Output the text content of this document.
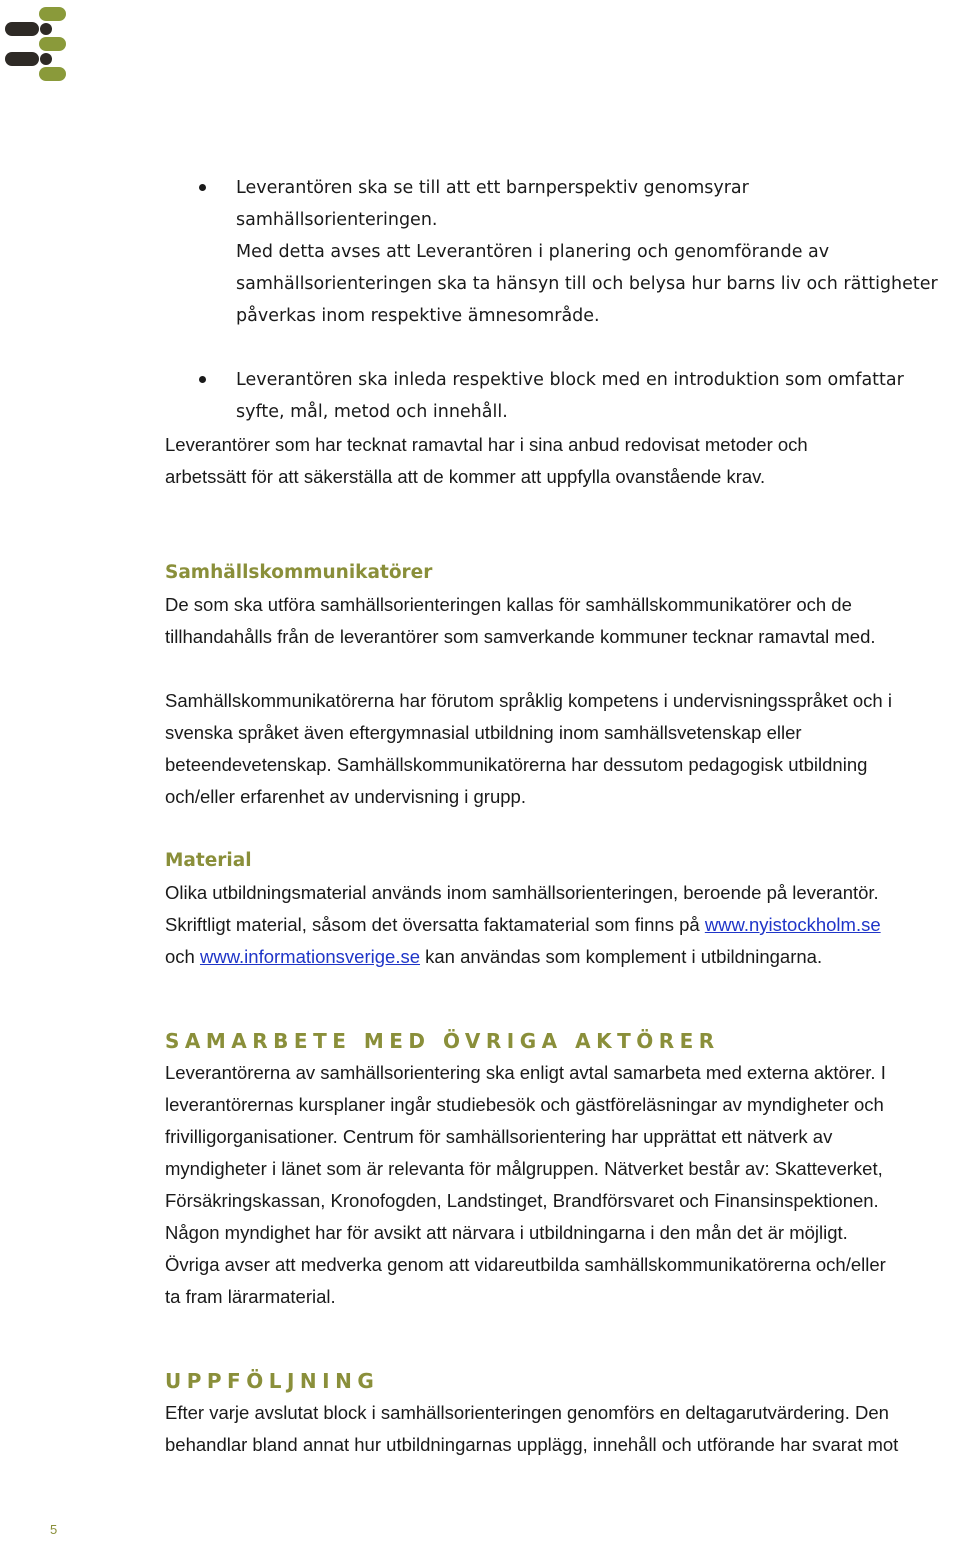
Leverantören ska se till att ett barnperspektiv genomsyrar samhällsorienteringen.
Med detta avses att Leverantören i planering och genomförande av
samhällsorienteringen ska ta hänsyn till och belysa hur barns liv och rättigheter
påverkas inom respektive ämnesområde.

Leverantören ska inleda respektive block med en introduktion som omfattar
syfte, mål, metod och innehåll.

Leverantörer som har tecknat ramavtal har i sina anbud redovisat metoder och
arbetssätt för att säkerställa att de kommer att uppfylla ovanstående krav.

Samhällskommunikatörer

De som ska utföra samhällsorienteringen kallas för samhällskommunikatörer och de
tillhandahålls från de leverantörer som samverkande kommuner tecknar ramavtal med.

Samhällskommunikatörerna har förutom språklig kompetens i undervisningsspråket och i
svenska språket även eftergymnasial utbildning inom samhällsvetenskap eller
beteendevetenskap. Samhällskommunikatörerna har dessutom pedagogisk utbildning
och/eller erfarenhet av undervisning i grupp.

Material

Olika utbildningsmaterial används inom samhällsorienteringen, beroende på leverantör.
Skriftligt material, såsom det översatta faktamaterial som finns på www.nyistockholm.se
och www.informationsverige.se kan användas som komplement i utbildningarna.

SAMARBETE MED ÖVRIGA AKTÖRER

Leverantörerna av samhällsorientering ska enligt avtal samarbeta med externa aktörer. I
leverantörernas kursplaner ingår studiebesök och gästföreläsningar av myndigheter och
frivilligorganisationer. Centrum för samhällsorientering har upprättat ett nätverk av
myndigheter i länet som är relevanta för målgruppen. Nätverket består av: Skatteverket,
Försäkringskassan, Kronofogden, Landstinget, Brandförsvaret och Finansinspektionen.
Någon myndighet har för avsikt att närvara i utbildningarna i den mån det är möjligt.
Övriga avser att medverka genom att vidareutbilda samhällskommunikatörerna och/eller
ta fram lärarmaterial.

UPPFÖLJNING

Efter varje avslutat block i samhällsorienteringen genomförs en deltagarutvärdering. Den
behandlar bland annat hur utbildningarnas upplägg, innehåll och utförande har svarat mot

5
